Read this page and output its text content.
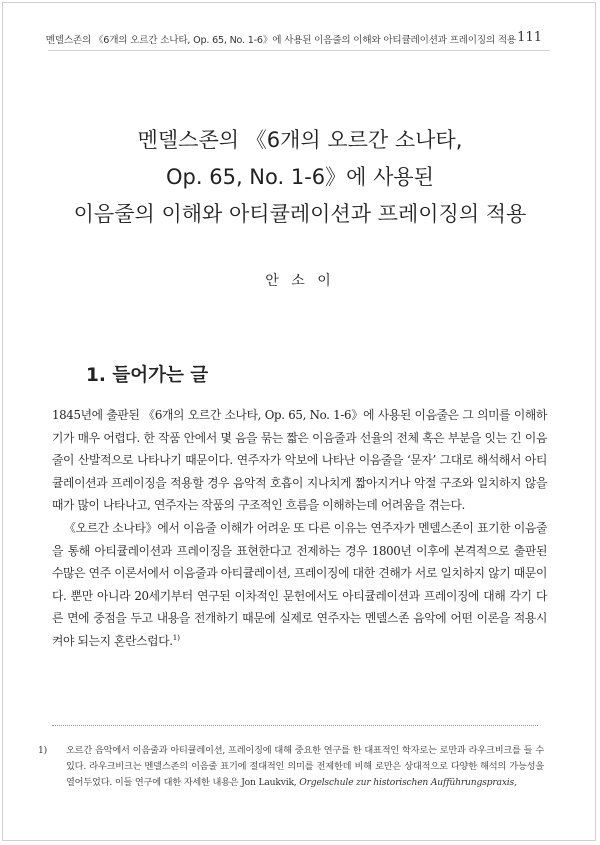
멘델스존의 《6개의 오르간 소나타, Op. 65, No. 1-6》에 사용된 이음줄의 이해와 아티큘레이션과 프레이징의 적용 111
멘델스존의 《6개의 오르간 소나타,
Op. 65, No. 1-6》에 사용된
이음줄의 이해와 아티큘레이션과 프레이징의 적용
안 소 이
1. 들어가는 글

1845년에 출판된 《6개의 오르간 소나타, Op. 65, No. 1-6》에 사용된 이음줄은 그 의미를 이해하기가 매우 어렵다. 한 작품 안에서 몇 음을 묶는 짧은 이음줄과 선율의 전체 혹은 부분을 잇는 긴 이음줄이 산발적으로 나타나기 때문이다. 연주자가 악보에 나타난 이음줄을 ‘문자’ 그대로 해석해서 아티큘레이션과 프레이징을 적용할 경우 음악적 호흡이 지나치게 짧아지거나 악절 구조와 일치하지 않을 때가 많이 나타나고, 연주자는 작품의 구조적인 흐름을 이해하는데 어려움을 겪는다.

《오르간 소나타》에서 이음줄 이해가 어려운 또 다른 이유는 연주자가 멘델스존이 표기한 이음줄을 통해 아티큘레이션과 프레이징을 표현한다고 전제하는 경우 1800년 이후에 본격적으로 출판된 수많은 연주 이론서에서 이음줄과 아티큘레이션, 프레이징에 대한 견해가 서로 일치하지 않기 때문이다. 뿐만 아니라 20세기부터 연구된 이차적인 문헌에서도 아티큘레이션과 프레이징에 대해 각기 다른 면에 중점을 두고 내용을 전개하기 때문에 실제로 연주자는 멘델스존 음악에 어떤 이론을 적용시켜야 되는지 혼란스럽다.$^{1)}$

1) 오르간 음악에서 이음줄과 아티큘레이션, 프레이징에 대해 중요한 연구를 한 대표적인 학자로는 로만과 라우크비크를 들 수 있다. 라우크비크는 멘델스존의 이음줄 표기에 절대적인 의미를 전제한데 비해 로만은 상대적으로 다양한 해석의 가능성을 열어두었다. 이들 연구에 대한 자세한 내용은 Jon Laukvik, Orgelschule zur historischen Aufführungspraxis,
